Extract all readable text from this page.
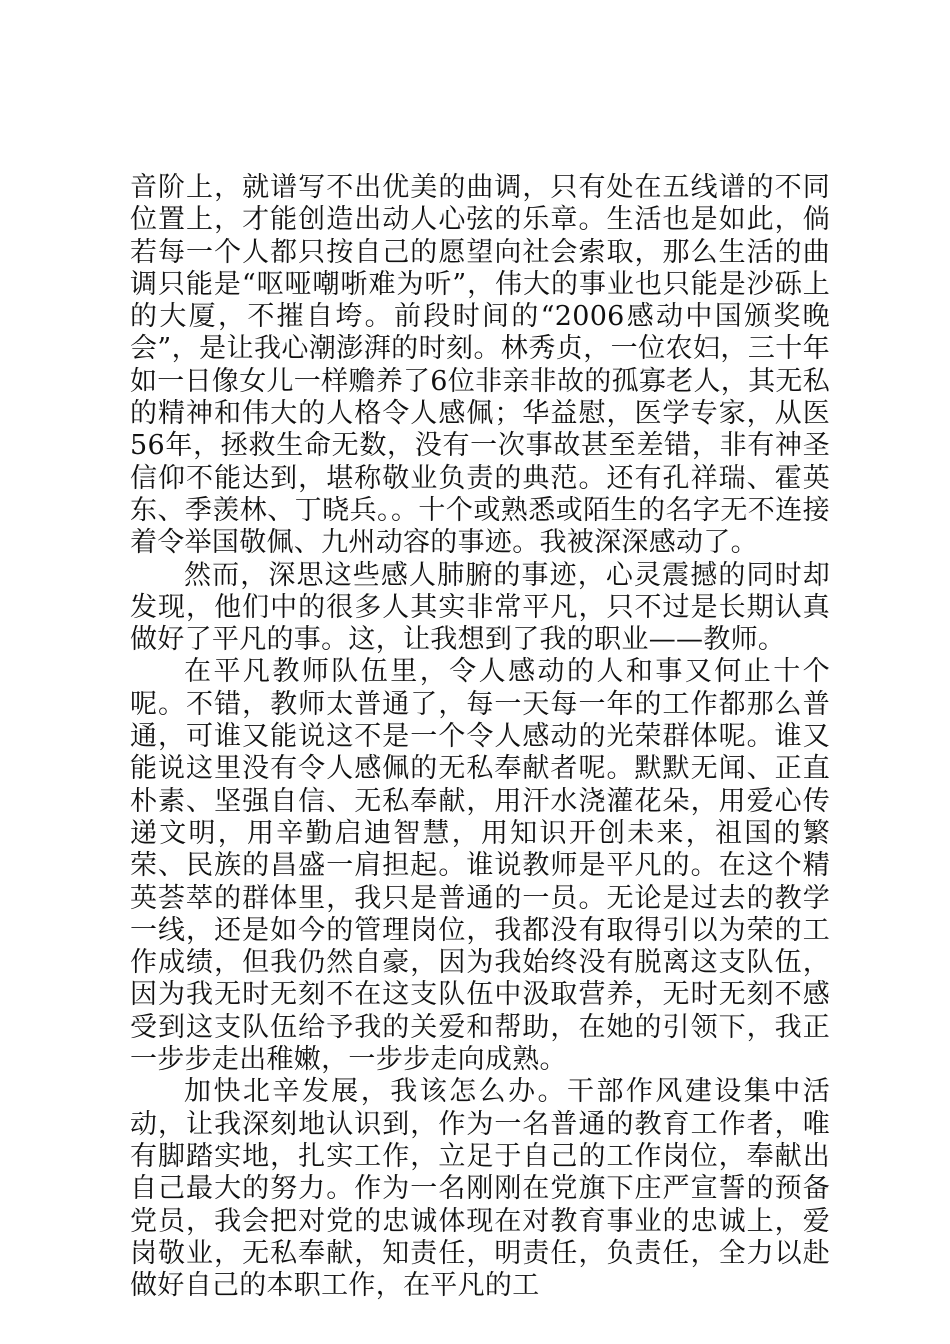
音阶上，就谱写不出优美的曲调，只有处在五线谱的不同位置上，才能创造出动人心弦的乐章。生活也是如此，倘若每一个人都只按自己的愿望向社会索取，那么生活的曲调只能是“呕哑嘲哳难为听”，伟大的事业也只能是沙砾上的大厦，不摧自垮。前段时间的“2006感动中国颁奖晚会”，是让我心潮澎湃的时刻。林秀贞，一位农妇，三十年如一日像女儿一样赡养了6位非亲非故的孤寡老人，其无私的精神和伟大的人格令人感佩；华益慰，医学专家，从医56年，拯救生命无数，没有一次事故甚至差错，非有神圣信仰不能达到，堪称敬业负责的典范。还有孔祥瑞、霍英东、季羡林、丁晓兵。。十个或熟悉或陌生的名字无不连接着令举国敬佩、九州动容的事迹。我被深深感动了。

然而，深思这些感人肺腑的事迹，心灵震撼的同时却发现，他们中的很多人其实非常平凡，只不过是长期认真做好了平凡的事。这，让我想到了我的职业——教师。

在平凡教师队伍里，令人感动的人和事又何止十个呢。不错，教师太普通了，每一天每一年的工作都那么普通，可谁又能说这不是一个令人感动的光荣群体呢。谁又能说这里没有令人感佩的无私奉献者呢。默默无闻、正直朴素、坚强自信、无私奉献，用汗水浇灌花朵，用爱心传递文明，用辛勤启迪智慧，用知识开创未来，祖国的繁荣、民族的昌盛一肩担起。谁说教师是平凡的。在这个精英荟萃的群体里，我只是普通的一员。无论是过去的教学一线，还是如今的管理岗位，我都没有取得引以为荣的工作成绩，但我仍然自豪，因为我始终没有脱离这支队伍，因为我无时无刻不在这支队伍中汲取营养，无时无刻不感受到这支队伍给予我的关爱和帮助，在她的引领下，我正一步步走出稚嫩，一步步走向成熟。

加快北辛发展，我该怎么办。干部作风建设集中活动，让我深刻地认识到，作为一名普通的教育工作者，唯有脚踏实地，扎实工作，立足于自己的工作岗位，奉献出自己最大的努力。作为一名刚刚在党旗下庄严宣誓的预备党员，我会把对党的忠诚体现在对教育事业的忠诚上，爱岗敬业，无私奉献，知责任，明责任，负责任，全力以赴做好自己的本职工作，在平凡的工
